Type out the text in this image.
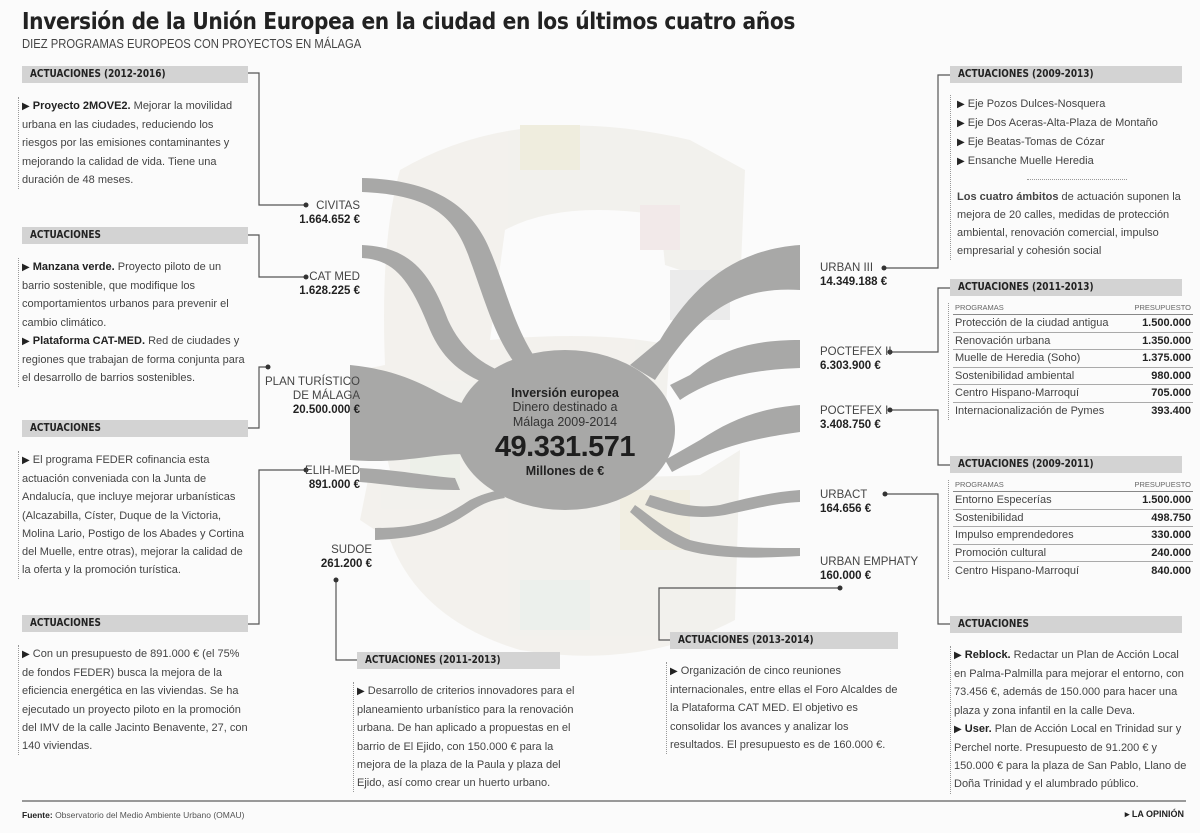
Inversión de la Unión Europea en la ciudad en los últimos cuatro años
DIEZ PROGRAMAS EUROPEOS CON PROYECTOS EN MÁLAGA
Inversión europea
Dinero destinado a
Málaga 2009-2014
49.331.571
Millones de €
CIVITAS
1.664.652 €
CAT MED
1.628.225 €
PLAN TURÍSTICO
DE MÁLAGA
20.500.000 €
ELIH-MED
891.000 €
SUDOE
261.200 €
URBAN III
14.349.188 €
POCTEFEX II
6.303.900 €
POCTEFEX I
3.408.750 €
URBACT
164.656 €
URBAN EMPHATY
160.000 €
ACTUACIONES (2012-2016)

▶ Proyecto 2MOVE2. Mejorar la movilidad urbana en las ciudades, reduciendo los riesgos por las emisiones contaminantes y mejorando la calidad de vida. Tiene una duración de 48 meses.

ACTUACIONES

▶ Manzana verde. Proyecto piloto de un barrio sostenible, que modifique los comportamientos urbanos para prevenir el cambio climático.

▶ Plataforma CAT-MED. Red de ciudades y regiones que trabajan de forma conjunta para el desarrollo de barrios sostenibles.

ACTUACIONES

▶ El programa FEDER cofinancia esta actuación conveniada con la Junta de Andalucía, que incluye mejorar urbanísticas (Alcazabilla, Císter, Duque de la Victoria, Molina Lario, Postigo de los Abades y Cortina del Muelle, entre otras), mejorar la calidad de la oferta y la promoción turística.

ACTUACIONES

▶ Con un presupuesto de 891.000 € (el 75% de fondos FEDER) busca la mejora de la eficiencia energética en las viviendas. Se ha ejecutado un proyecto piloto en la promoción del IMV de la calle Jacinto Benavente, 27, con 140 viviendas.

ACTUACIONES (2011-2013)

▶ Desarrollo de criterios innovadores para el planeamiento urbanístico para la renovación urbana. De han aplicado a propuestas en el barrio de El Ejido, con 150.000 € para la mejora de la plaza de la Paula y plaza del Ejido, así como crear un huerto urbano.

ACTUACIONES (2013-2014)

▶ Organización de cinco reuniones internacionales, entre ellas el Foro Alcaldes de la Plataforma CAT MED. El objetivo es consolidar los avances y analizar los resultados. El presupuesto es de 160.000 €.

ACTUACIONES (2009-2013)
▶ Eje Pozos Dulces-Nosquera
▶ Eje Dos Aceras-Alta-Plaza de Montaño
▶ Eje Beatas-Tomas de Cózar
▶ Ensanche Muelle Heredia
Los cuatro ámbitos de actuación suponen la mejora de 20 calles, medidas de protección ambiental, renovación comercial, impulso empresarial y cohesión social
ACTUACIONES (2011-2013)
PROGRAMAS	PRESUPUESTO
Protección de la ciudad antigua	1.500.000
Renovación urbana	1.350.000
Muelle de Heredia (Soho)	1.375.000
Sostenibilidad ambiental	980.000
Centro Hispano-Marroquí	705.000
Internacionalización de Pymes	393.400
ACTUACIONES (2009-2011)
PROGRAMAS	PRESUPUESTO
Entorno Especerías	1.500.000
Sostenibilidad	498.750
Impulso emprendedores	330.000
Promoción cultural	240.000
Centro Hispano-Marroquí	840.000
ACTUACIONES

▶ Reblock. Redactar un Plan de Acción Local en Palma-Palmilla para mejorar el entorno, con 73.456 €, además de 150.000 para hacer una plaza y zona infantil en la calle Deva.

▶ User. Plan de Acción Local en Trinidad sur y Perchel norte. Presupuesto de 91.200 € y 150.000 € para la plaza de San Pablo, Llano de Doña Trinidad y el alumbrado público.

Fuente: Observatorio del Medio Ambiente Urbano (OMAU)	▸ LA OPINIÓN
